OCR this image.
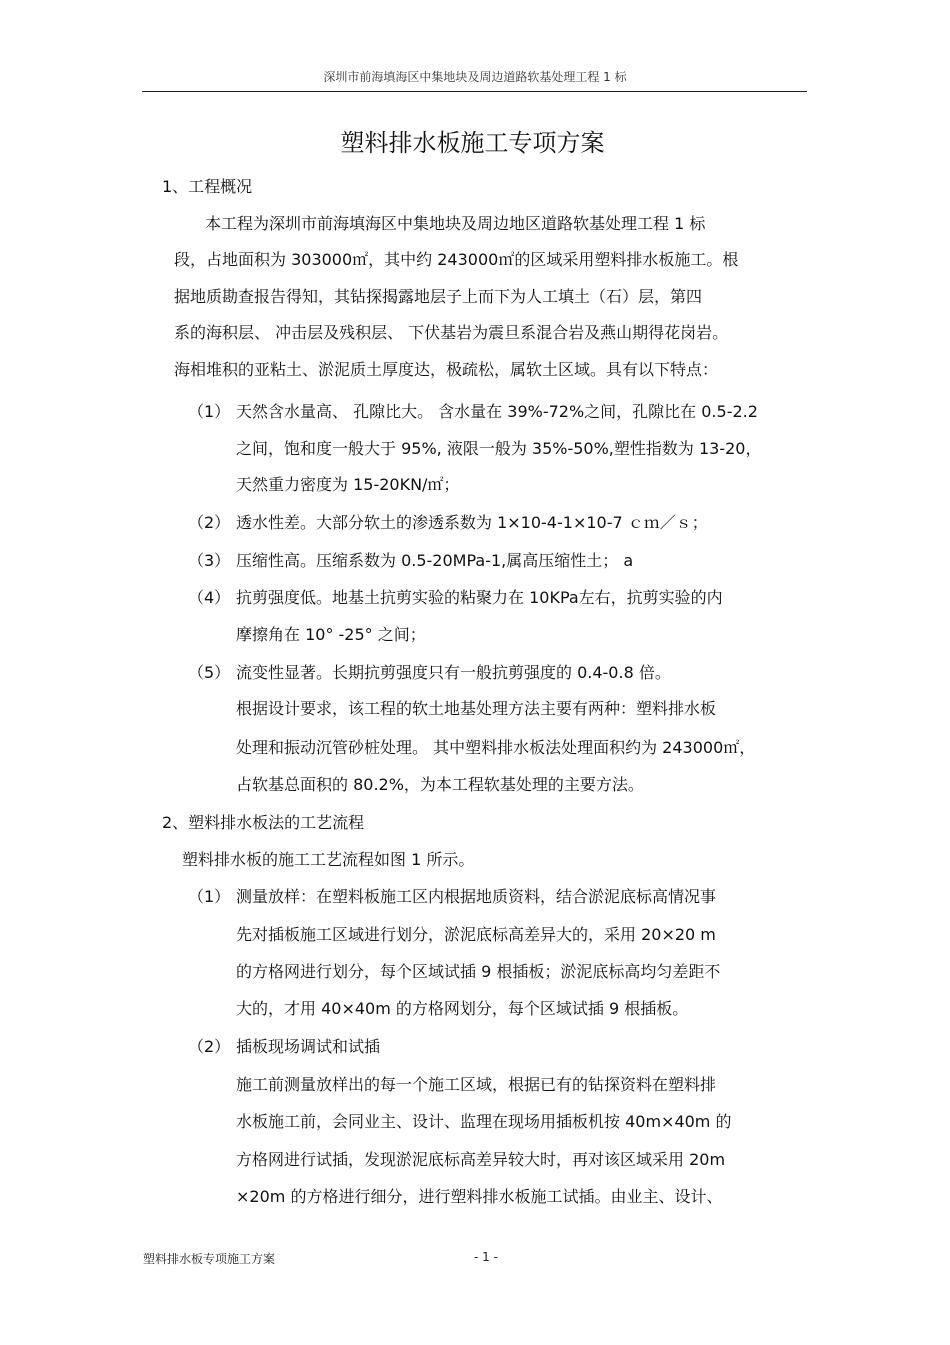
深圳市前海填海区中集地块及周边道路软基处理工程 1 标
塑料排水板施工专项方案
1、工程概况
本工程为深圳市前海填海区中集地块及周边地区道路软基处理工程 1 标
段，占地面积为 303000㎡，其中约 243000㎡的区域采用塑料排水板施工。根
据地质勘查报告得知，其钻探揭露地层子上而下为人工填土（石）层，第四
系的海积层、 冲击层及残积层、 下伏基岩为震旦系混合岩及燕山期得花岗岩。
海相堆积的亚粘土、淤泥质土厚度达，极疏松，属软土区域。具有以下特点：
（1） 天然含水量高、 孔隙比大。 含水量在 39%-72%之间，孔隙比在 0.5-2.2
之间，饱和度一般大于 95%, 液限一般为 35%-50%,塑性指数为 13-20，
天然重力密度为 15-20KN/㎡；
（2） 透水性差。大部分软土的渗透系数为 1×10-4-1×10-7 ｃｍ／ｓ；
（3） 压缩性高。压缩系数为 0.5-20MPa-1,属高压缩性土； a
（4） 抗剪强度低。地基土抗剪实验的粘聚力在 10KPa左右，抗剪实验的内
摩擦角在 10° -25° 之间；
（5） 流变性显著。长期抗剪强度只有一般抗剪强度的 0.4-0.8 倍。
根据设计要求，该工程的软土地基处理方法主要有两种：塑料排水板
处理和振动沉管砂桩处理。 其中塑料排水板法处理面积约为 243000㎡，
占软基总面积的 80.2%，为本工程软基处理的主要方法。
2、塑料排水板法的工艺流程
塑料排水板的施工工艺流程如图 1 所示。
（1） 测量放样：在塑料板施工区内根据地质资料，结合淤泥底标高情况事
先对插板施工区域进行划分，淤泥底标高差异大的，采用 20×20 m
的方格网进行划分，每个区域试插 9 根插板；淤泥底标高均匀差距不
大的，才用 40×40m 的方格网划分，每个区域试插 9 根插板。
（2） 插板现场调试和试插
施工前测量放样出的每一个施工区域，根据已有的钻探资料在塑料排
水板施工前，会同业主、设计、监理在现场用插板机按 40m×40m 的
方格网进行试插，发现淤泥底标高差异较大时，再对该区域采用 20m
×20m 的方格进行细分，进行塑料排水板施工试插。由业主、设计、
塑料排水板专项施工方案	- 1 -
